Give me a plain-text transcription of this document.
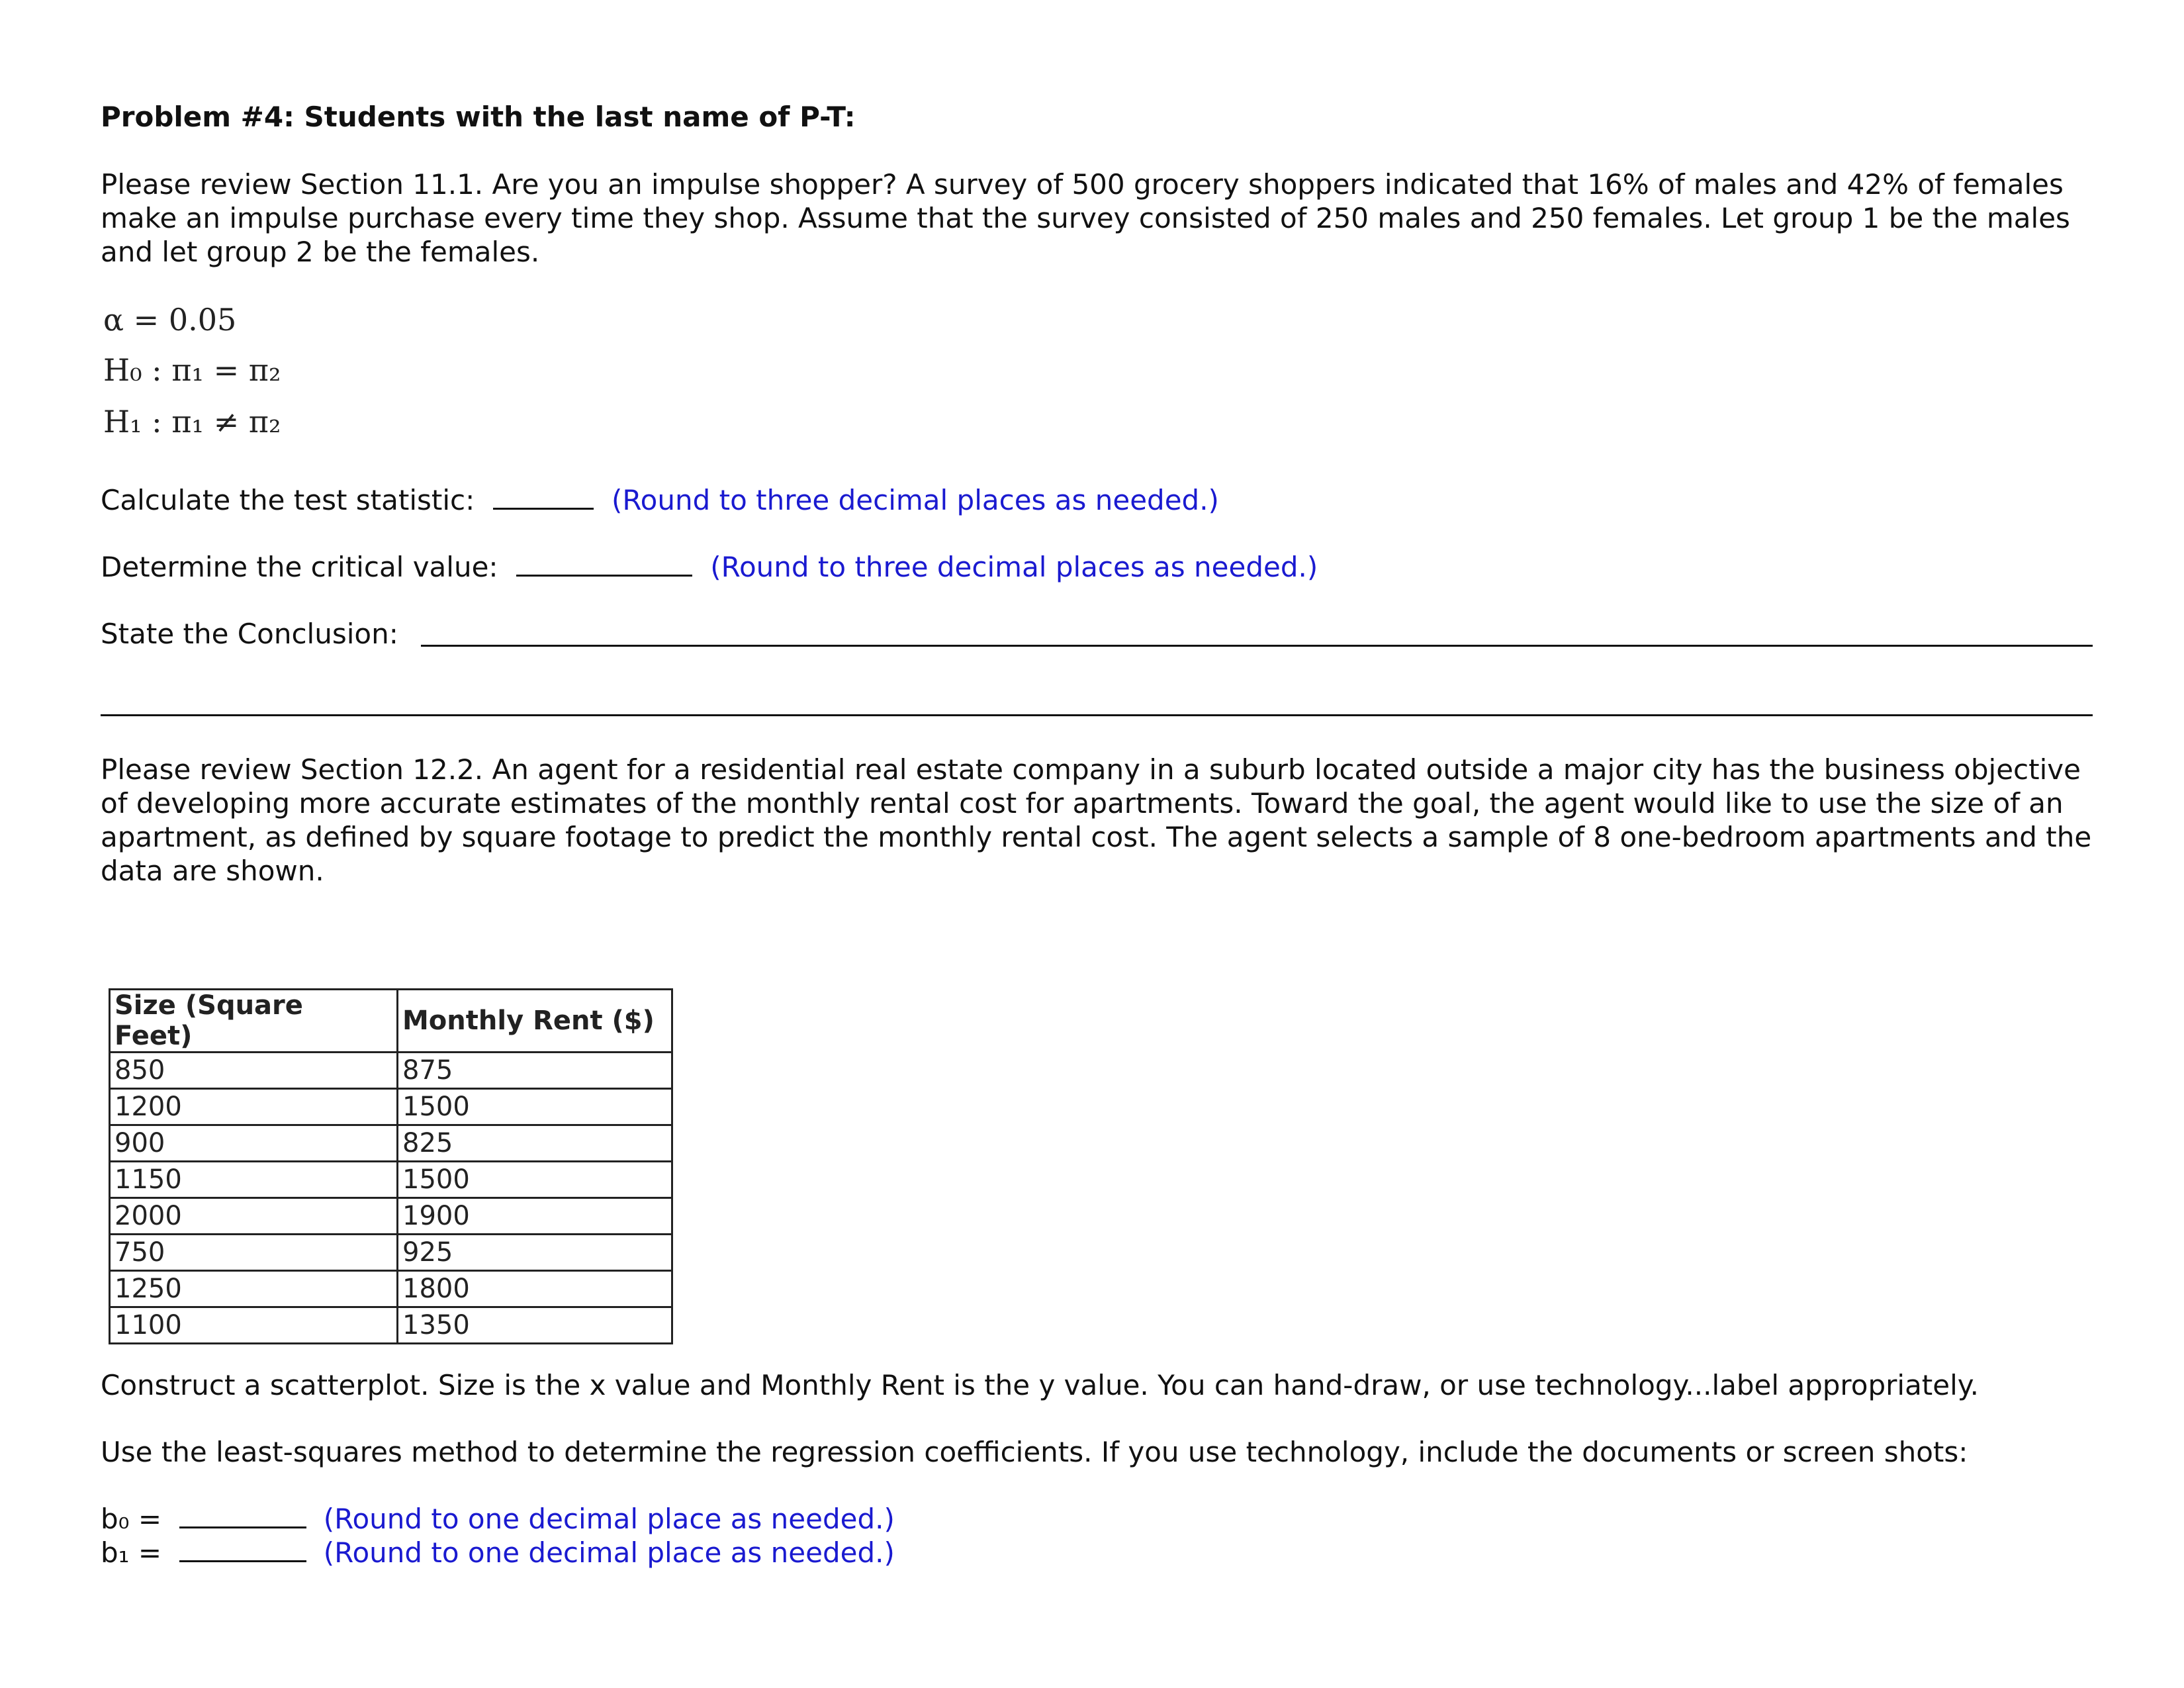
Problem #4: Students with the last name of P-T:
Please review Section 11.1. Are you an impulse shopper? A survey of 500 grocery shoppers indicated that 16% of males and 42% of females make an impulse purchase every time they shop. Assume that the survey consisted of 250 males and 250 females. Let group 1 be the males and let group 2 be the females.
α = 0.05
H₀ : π₁ = π₂
H₁ : π₁ ≠ π₂
Calculate the test statistic:	(Round to three decimal places as needed.)
Determine the critical value:	(Round to three decimal places as needed.)
State the Conclusion:
Please review Section 12.2. An agent for a residential real estate company in a suburb located outside a major city has the business objective of developing more accurate estimates of the monthly rental cost for apartments. Toward the goal, the agent would like to use the size of an apartment, as defined by square footage to predict the monthly rental cost. The agent selects a sample of 8 one-bedroom apartments and the data are shown.
Size (Square Feet)	Monthly Rent ($)
850	875
1200	1500
900	825
1150	1500
2000	1900
750	925
1250	1800
1100	1350
Construct a scatterplot. Size is the x value and Monthly Rent is the y value. You can hand-draw, or use technology...label appropriately.
Use the least-squares method to determine the regression coefficients. If you use technology, include the documents or screen shots:
b₀ =	(Round to one decimal place as needed.)
b₁ =	(Round to one decimal place as needed.)
